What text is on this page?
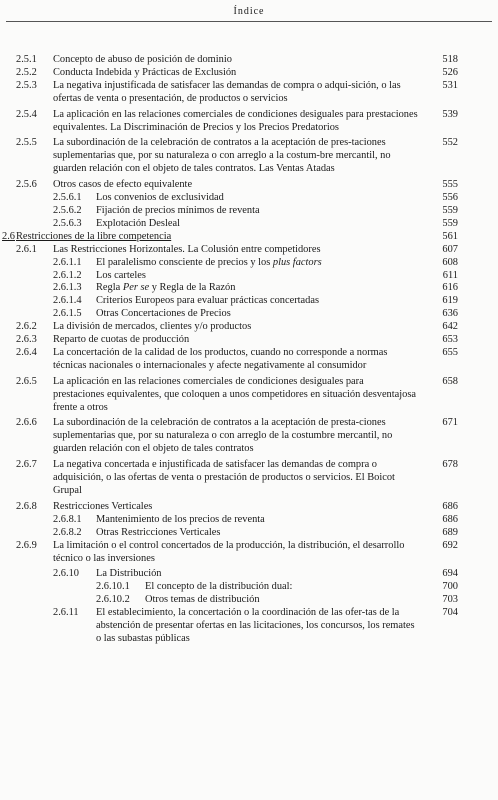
Índice
2.5.1 Concepto de abuso de posición de dominio	518
2.5.2 Conducta Indebida y Prácticas de Exclusión	526
2.5.3 La negativa injustificada de satisfacer las demandas de compra o adqui-sición, o las ofertas de venta o presentación, de productos o servicios
531
2.5.4 La aplicación en las relaciones comerciales de condiciones desiguales para prestaciones equivalentes. La Discriminación de Precios y los Precios Predatorios
539
2.5.5 La subordinación de la celebración de contratos a la aceptación de pres-taciones suplementarias que, por su naturaleza o con arreglo a la costum-bre mercantil, no guarden relación con el objeto de tales contratos. Las Ventas Atadas
552
2.5.6 Otros casos de efecto equivalente	555
2.5.6.1 Los convenios de exclusividad	556
2.5.6.2 Fijación de precios mínimos de reventa	559
2.5.6.3 Explotación Desleal	559
2.6 Restricciones de la libre competencia	561
2.6.1 Las Restricciones Horizontales. La Colusión entre competidores	607
2.6.1.1 El paralelismo consciente de precios y los plus factors	608
2.6.1.2 Los carteles	611
2.6.1.3 Regla Per se y Regla de la Razón	616
2.6.1.4 Criterios Europeos para evaluar prácticas concertadas	619
2.6.1.5 Otras Concertaciones de Precios	636
2.6.2 La división de mercados, clientes y/o productos	642
2.6.3 Reparto de cuotas de producción	653
2.6.4 La concertación de la calidad de los productos, cuando no corresponde a normas técnicas nacionales o internacionales y afecte negativamente al consumidor
655
2.6.5 La aplicación en las relaciones comerciales de condiciones desiguales para prestaciones equivalentes, que coloquen a unos competidores en situación desventajosa frente a otros
658
2.6.6 La subordinación de la celebración de contratos a la aceptación de presta-ciones suplementarias que, por su naturaleza o con arreglo de la costumbre mercantil, no guarden relación con el objeto de tales contratos
671
2.6.7 La negativa concertada e injustificada de satisfacer las demandas de compra o adquisición, o las ofertas de venta o prestación de productos o servicios. El Boicot Grupal
678
2.6.8 Restricciones Verticales	686
2.6.8.1 Mantenimiento de los precios de reventa	686
2.6.8.2 Otras Restricciones Verticales	689
2.6.9 La limitación o el control concertados de la producción, la distribución, el desarrollo técnico o las inversiones
692
2.6.10 La Distribución	694
2.6.10.1 El concepto de la distribución dual:	700
2.6.10.2 Otros temas de distribución	703
2.6.11 El establecimiento, la concertación o la coordinación de las ofer-tas de la abstención de presentar ofertas en las licitaciones, los concursos, los remates o las subastas públicas
704
